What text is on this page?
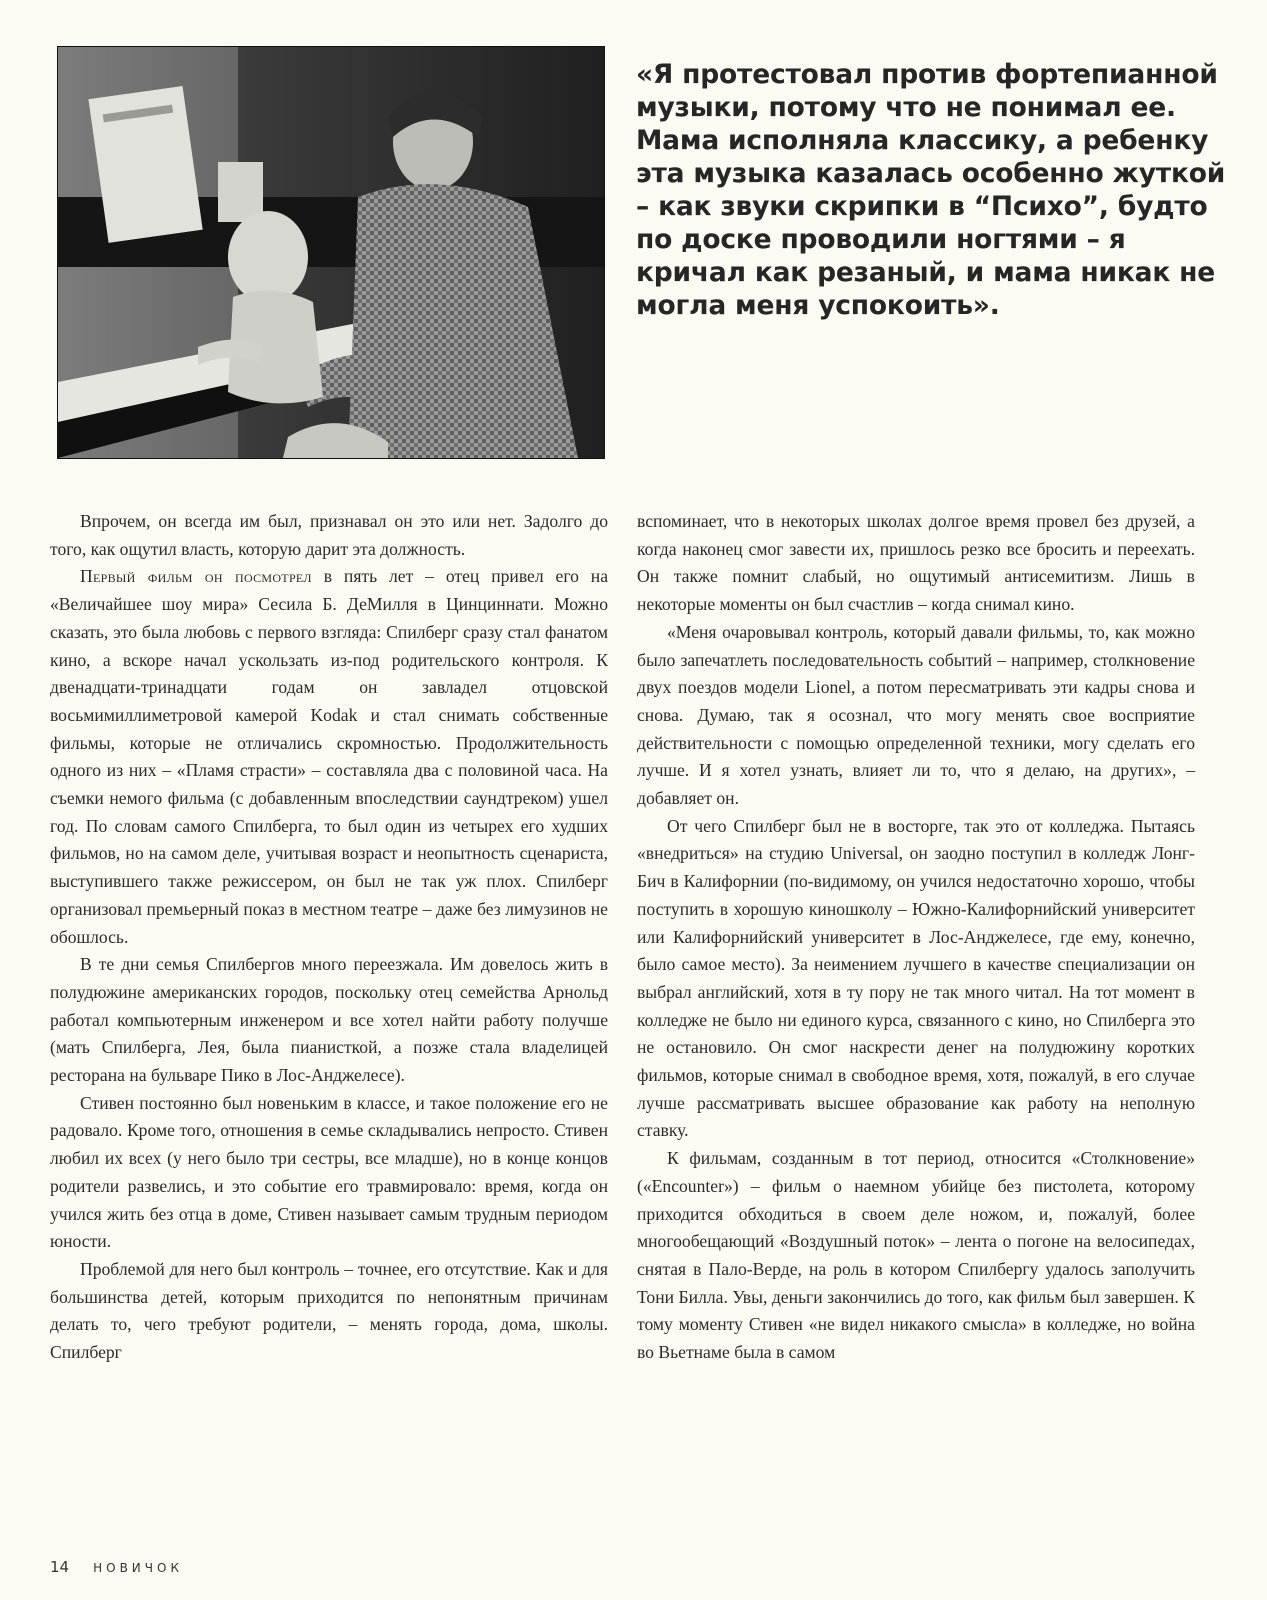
«Я протестовал против фортепианной музыки, потому что не понимал ее. Мама исполняла классику, а ребенку эта музыка казалась особенно жуткой – как звуки скрипки в “Психо”, будто по доске проводили ногтями – я кричал как резаный, и мама никак не могла меня успокоить».

Впрочем, он всегда им был, признавал он это или нет. Задолго до того, как ощутил власть, которую дарит эта должность.

Первый фильм он посмотрел в пять лет – отец привел его на «Величайшее шоу мира» Сесила Б. ДеМилля в Цинциннати. Можно сказать, это была любовь с первого взгляда: Спилберг сразу стал фанатом кино, а вскоре начал ускользать из-под родительского контроля. К двенадцати-тринадцати годам он завладел отцовской восьмимиллиметровой камерой Kodak и стал снимать собственные фильмы, которые не отличались скромностью. Продолжительность одного из них – «Пламя страсти» – составляла два с половиной часа. На съемки немого фильма (с добавленным впоследствии саундтреком) ушел год. По словам самого Спилберга, то был один из четырех его худших фильмов, но на самом деле, учитывая возраст и неопытность сценариста, выступившего также режиссером, он был не так уж плох. Спилберг организовал премьерный показ в местном театре – даже без лимузинов не обошлось.

В те дни семья Спилбергов много переезжала. Им довелось жить в полудюжине американских городов, поскольку отец семейства Арнольд работал компьютерным инженером и все хотел найти работу получше (мать Спилберга, Лея, была пианисткой, а позже стала владелицей ресторана на бульваре Пико в Лос-Анджелесе).

Стивен постоянно был новеньким в классе, и такое положение его не радовало. Кроме того, отношения в семье складывались непросто. Стивен любил их всех (у него было три сестры, все младше), но в конце концов родители развелись, и это событие его травмировало: время, когда он учился жить без отца в доме, Стивен называет самым трудным периодом юности.

Проблемой для него был контроль – точнее, его отсутствие. Как и для большинства детей, которым приходится по непонятным причинам делать то, чего требуют родители, – менять города, дома, школы. Спилберг

вспоминает, что в некоторых школах долгое время провел без друзей, а когда наконец смог завести их, пришлось резко все бросить и переехать. Он также помнит слабый, но ощутимый антисемитизм. Лишь в некоторые моменты он был счастлив – когда снимал кино.

«Меня очаровывал контроль, который давали фильмы, то, как можно было запечатлеть последовательность событий – например, столкновение двух поездов модели Lionel, а потом пересматривать эти кадры снова и снова. Думаю, так я осознал, что могу менять свое восприятие действительности с помощью определенной техники, могу сделать его лучше. И я хотел узнать, влияет ли то, что я делаю, на других», – добавляет он.

От чего Спилберг был не в восторге, так это от колледжа. Пытаясь «внедриться» на студию Universal, он заодно поступил в колледж Лонг-Бич в Калифорнии (по-видимому, он учился недостаточно хорошо, чтобы поступить в хорошую киношколу – Южно-Калифорнийский университет или Калифорнийский университет в Лос-Анджелесе, где ему, конечно, было самое место). За неимением лучшего в качестве специализации он выбрал английский, хотя в ту пору не так много читал. На тот момент в колледже не было ни единого курса, связанного с кино, но Спилберга это не остановило. Он смог наскрести денег на полудюжину коротких фильмов, которые снимал в свободное время, хотя, пожалуй, в его случае лучше рассматривать высшее образование как работу на неполную ставку.

К фильмам, созданным в тот период, относится «Столкновение» («Encounter») – фильм о наемном убийце без пистолета, которому приходится обходиться в своем деле ножом, и, пожалуй, более многообещающий «Воздушный поток» – лента о погоне на велосипедах, снятая в Пало-Верде, на роль в котором Спилбергу удалось заполучить Тони Билла. Увы, деньги закончились до того, как фильм был завершен. К тому моменту Стивен «не видел никакого смысла» в колледже, но война во Вьетнаме была в самом

14 НОВИЧОК
